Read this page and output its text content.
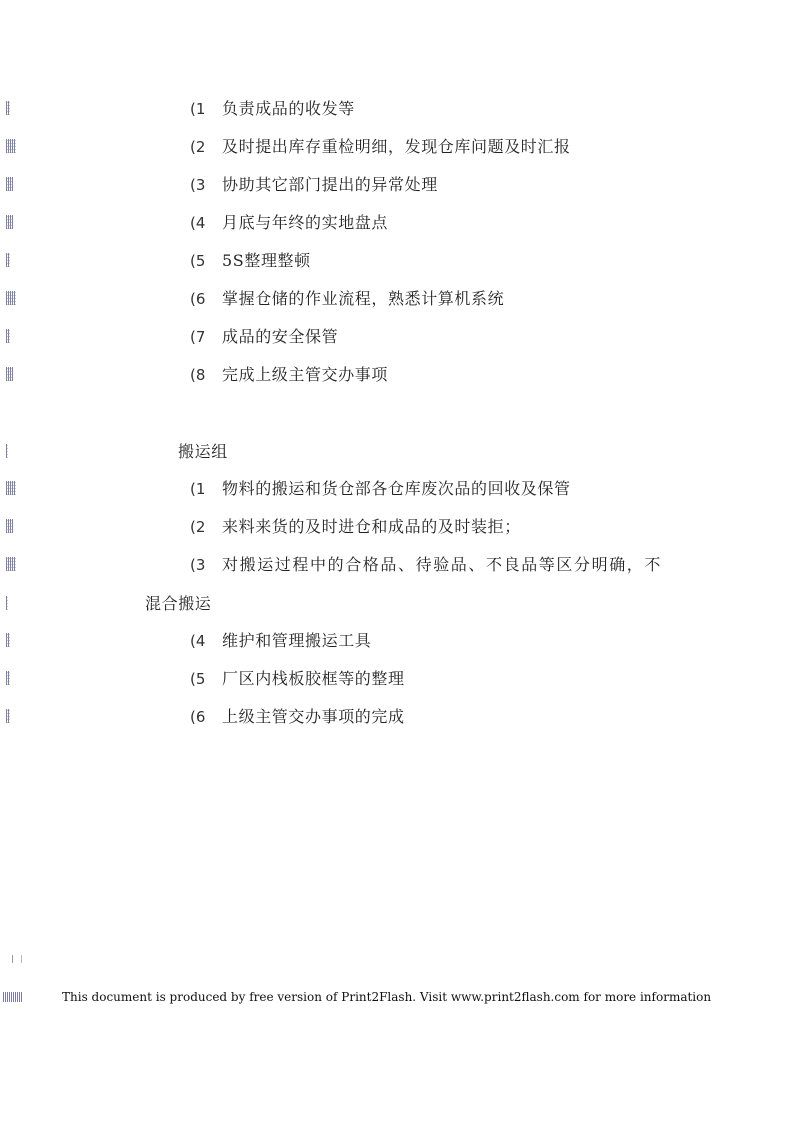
(1 负责成品的收发等
(2 及时提出库存重检明细，发现仓库问题及时汇报
(3 协助其它部门提出的异常处理
(4 月底与年终的实地盘点
(5 5S整理整顿
(6 掌握仓储的作业流程，熟悉计算机系统
(7 成品的安全保管
(8 完成上级主管交办事项
搬运组
(1 物料的搬运和货仓部各仓库废次品的回收及保管
(2 来料来货的及时进仓和成品的及时装拒；
(3 对搬运过程中的合格品、待验品、不良品等区分明确，不
混合搬运
(4 维护和管理搬运工具
(5 厂区内栈板胶框等的整理
(6 上级主管交办事项的完成
This document is produced by free version of Print2Flash. Visit www.print2flash.com for more information
